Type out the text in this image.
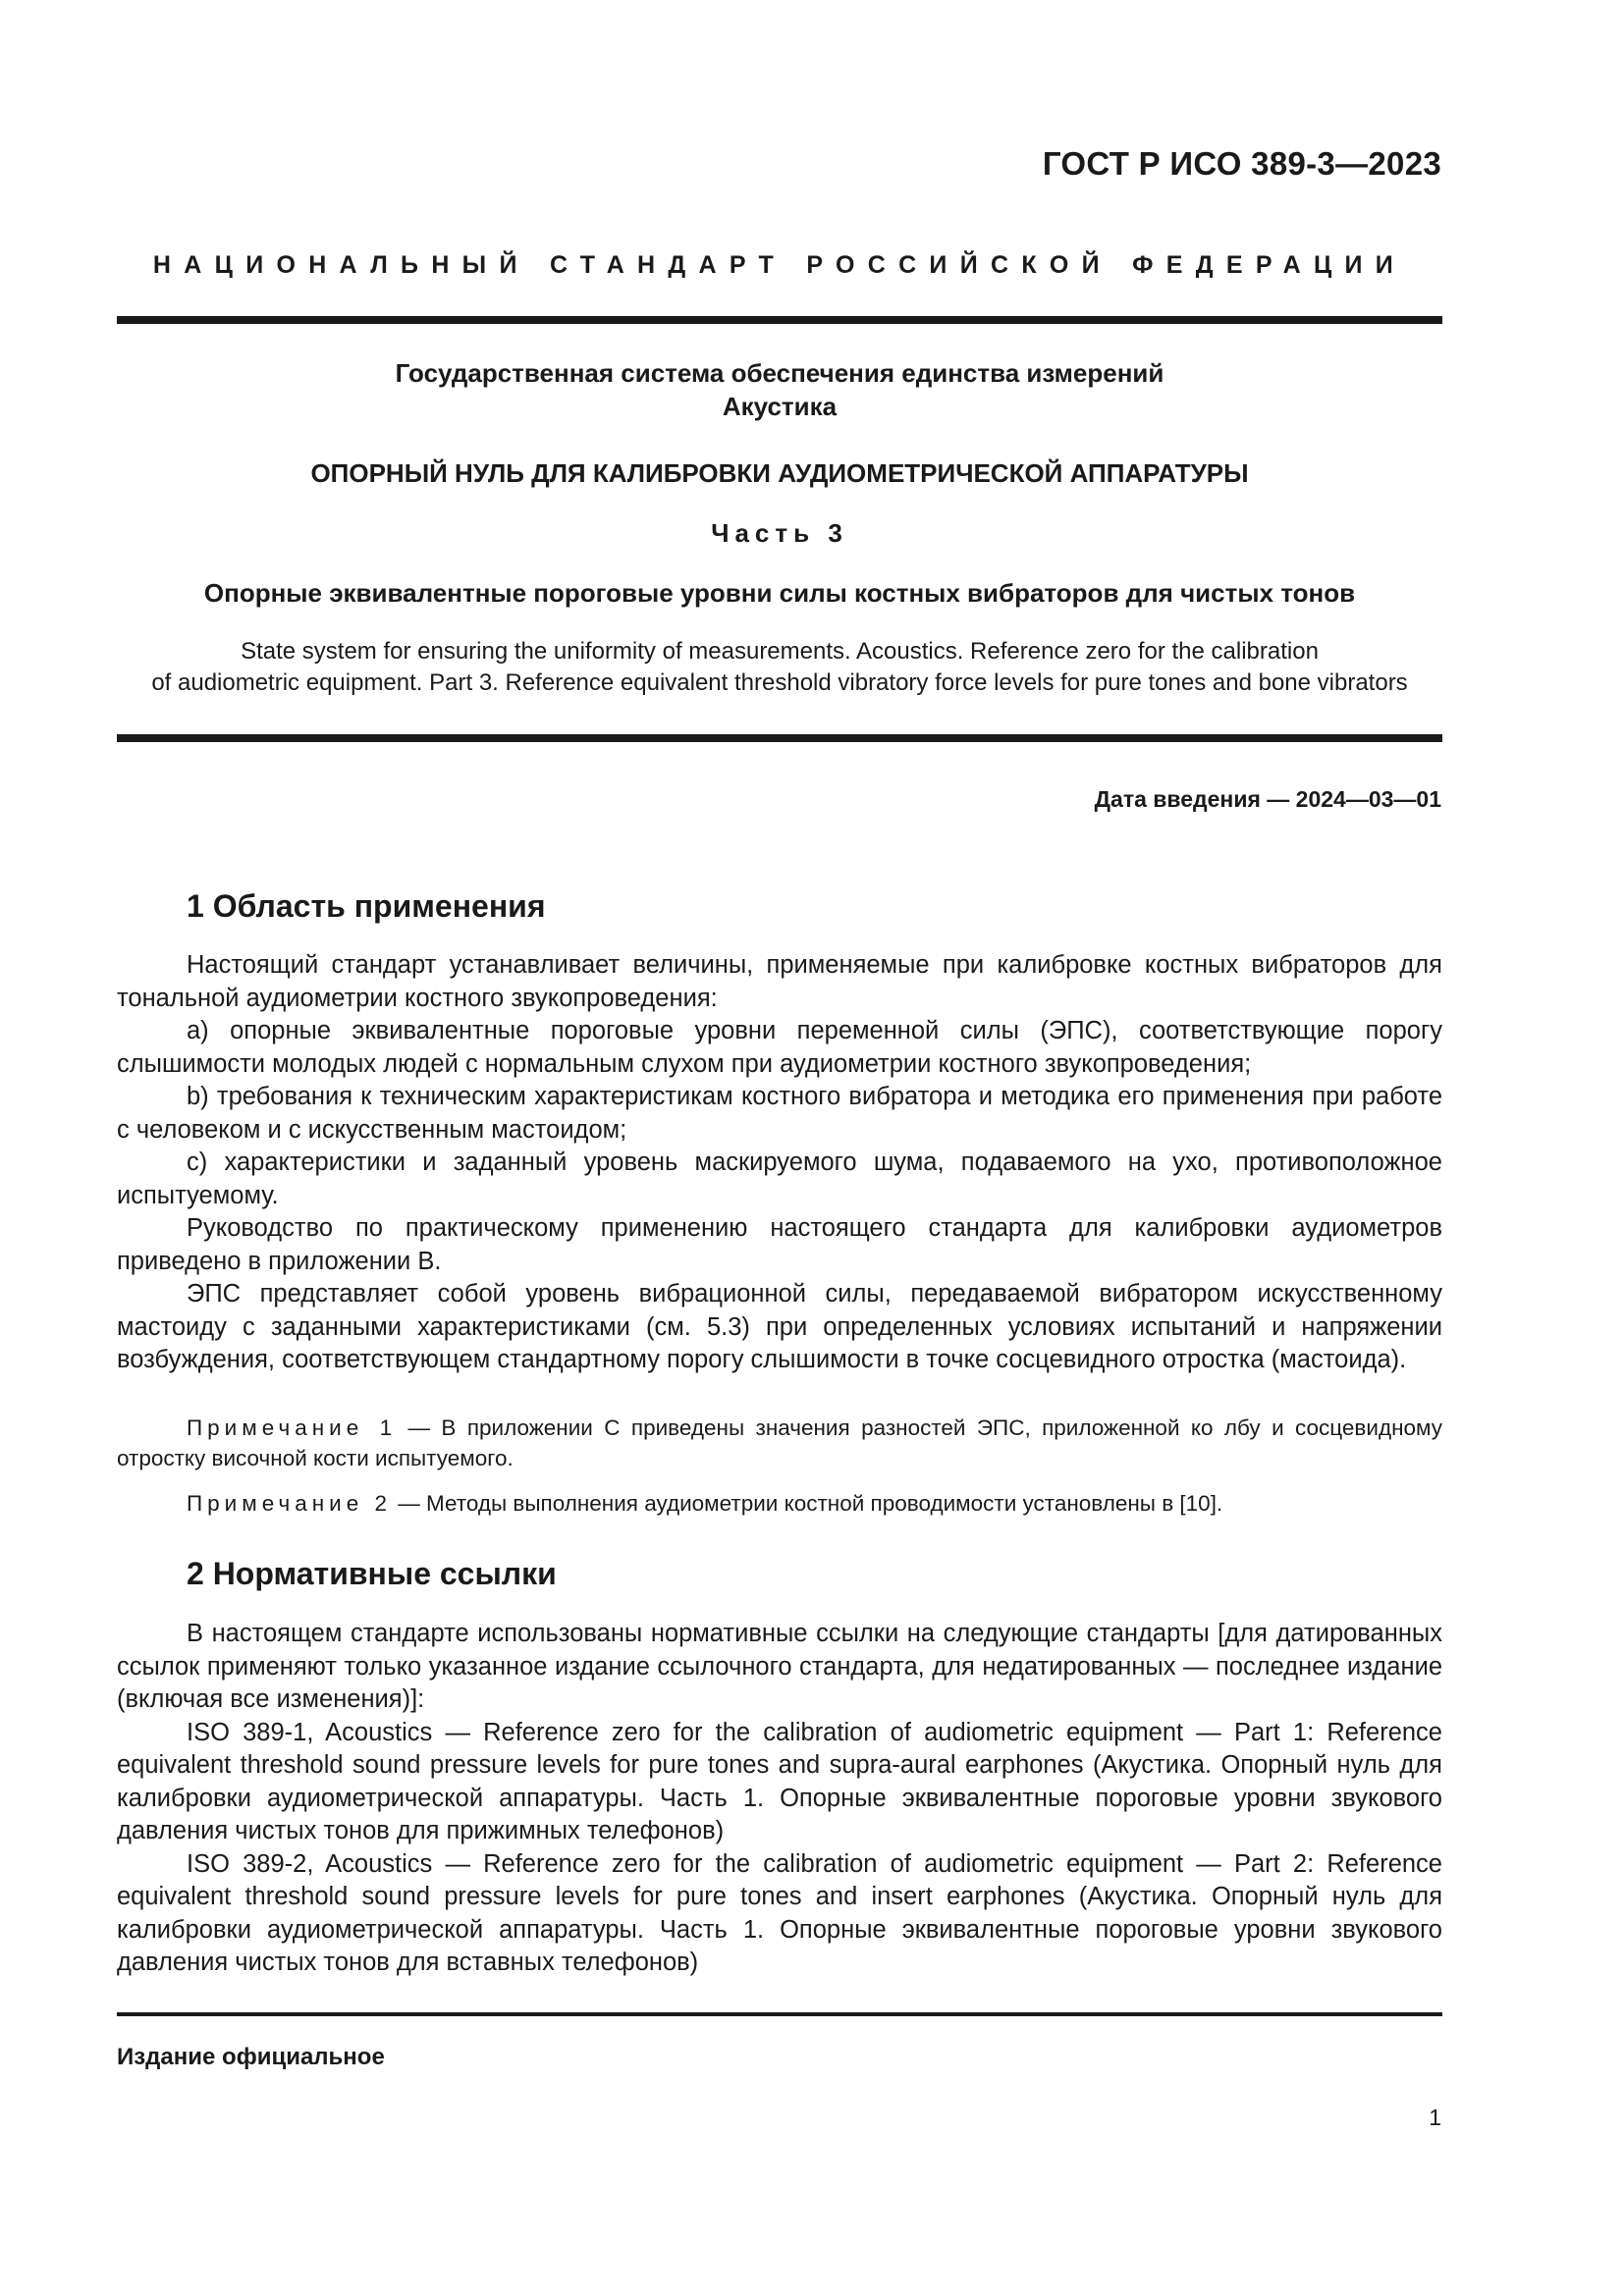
ГОСТ Р ИСО 389-3—2023
НАЦИОНАЛЬНЫЙ СТАНДАРТ РОССИЙСКОЙ ФЕДЕРАЦИИ
Государственная система обеспечения единства измерений
Акустика
ОПОРНЫЙ НУЛЬ ДЛЯ КАЛИБРОВКИ АУДИОМЕТРИЧЕСКОЙ АППАРАТУРЫ
Часть 3
Опорные эквивалентные пороговые уровни силы костных вибраторов для чистых тонов
State system for ensuring the uniformity of measurements. Acoustics. Reference zero for the calibration
of audiometric equipment. Part 3. Reference equivalent threshold vibratory force levels for pure tones and bone vibrators
Дата введения — 2024—03—01
1 Область применения

Настоящий стандарт устанавливает величины, применяемые при калибровке костных вибраторов для тональной аудиометрии костного звукопроведения:

а) опорные эквивалентные пороговые уровни переменной силы (ЭПС), соответствующие порогу слышимости молодых людей с нормальным слухом при аудиометрии костного звукопроведения;

b) требования к техническим характеристикам костного вибратора и методика его применения при работе с человеком и с искусственным мастоидом;

c) характеристики и заданный уровень маскируемого шума, подаваемого на ухо, противоположное испытуемому.

Руководство по практическому применению настоящего стандарта для калибровки аудиометров приведено в приложении В.

ЭПС представляет собой уровень вибрационной силы, передаваемой вибратором искусственному мастоиду с заданными характеристиками (см. 5.3) при определенных условиях испытаний и напряжении возбуждения, соответствующем стандартному порогу слышимости в точке сосцевидного отростка (мастоида).

Примечание 1 — В приложении С приведены значения разностей ЭПС, приложенной ко лбу и сосцевидному отростку височной кости испытуемого.

Примечание 2 — Методы выполнения аудиометрии костной проводимости установлены в [10].

2 Нормативные ссылки

В настоящем стандарте использованы нормативные ссылки на следующие стандарты [для датированных ссылок применяют только указанное издание ссылочного стандарта, для недатированных — последнее издание (включая все изменения)]:

ISO 389-1, Acoustics — Reference zero for the calibration of audiometric equipment — Part 1: Reference equivalent threshold sound pressure levels for pure tones and supra-aural earphones (Акустика. Опорный нуль для калибровки аудиометрической аппаратуры. Часть 1. Опорные эквивалентные пороговые уровни звукового давления чистых тонов для прижимных телефонов)

ISO 389-2, Acoustics — Reference zero for the calibration of audiometric equipment — Part 2: Reference equivalent threshold sound pressure levels for pure tones and insert earphones (Акустика. Опорный нуль для калибровки аудиометрической аппаратуры. Часть 1. Опорные эквивалентные пороговые уровни звукового давления чистых тонов для вставных телефонов)

Издание официальное
1
